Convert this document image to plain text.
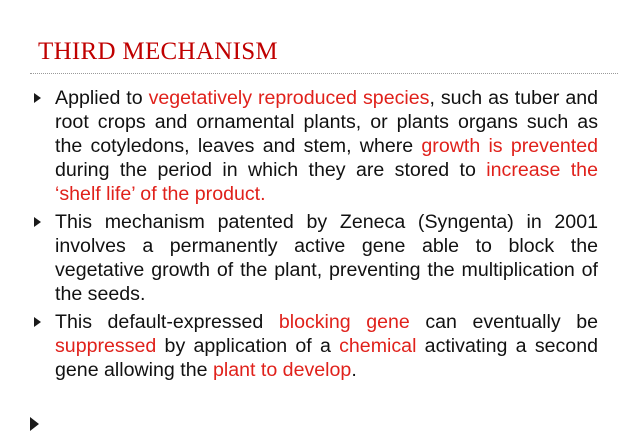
THIRD MECHANISM
Applied to vegetatively reproduced species, such as tuber and root crops and ornamental plants, or plants organs such as the cotyledons, leaves and stem, where growth is prevented during the period in which they are stored to increase the ‘shelf life’ of the product.
This mechanism patented by Zeneca (Syngenta) in 2001 involves a permanently active gene able to block the vegetative growth of the plant, preventing the multiplication of the seeds.
This default-expressed blocking gene can eventually be suppressed by application of a chemical activating a second gene allowing the plant to develop.
